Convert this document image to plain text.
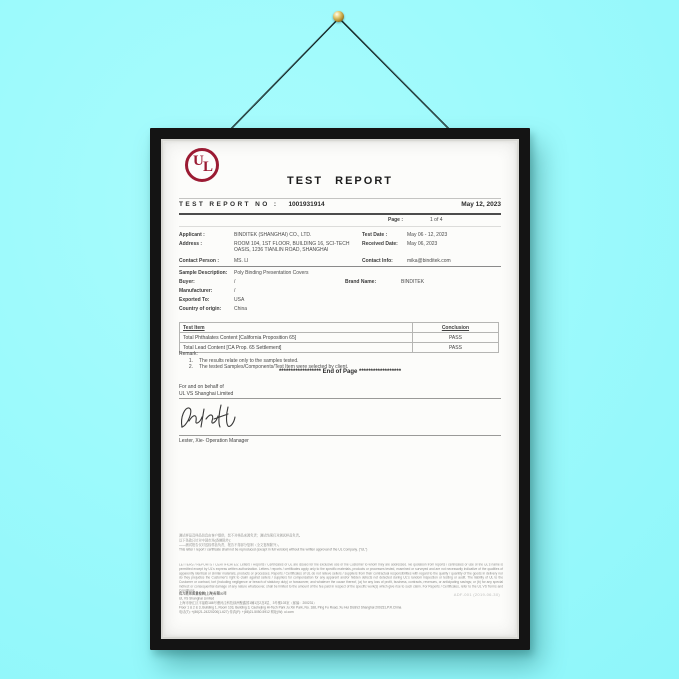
U L
TEST REPORT
TEST REPORT NO : 1001931914	May 12, 2023
Page :	1 of 4
Applicant :	BINDITEK (SHANGHAI) CO., LTD.	Test Date :	May 06 - 12, 2023
Address :	ROOM 104, 1ST FLOOR, BUILDING 16, SCI-TECH OASIS, 1236 TIANLIN ROAD, SHANGHAI
Received Date: May 06, 2023
Contact Person :	MS. LI	Contact Info:	mika@binditek.com
Sample Description: Poly Binding Presentation Covers
Buyer:	/	Brand Name:	BINDITEK
Manufacturer:	/
Exported To:	USA
Country of origin:	China
Test Item	Conclusion
Total Phthalates Content [California Proposition 65]	PASS
Total Lead Content [CA Prop. 65 Settlement]	PASS
Remark:
1. The results relate only to the samples tested.
2. The tested Samples/Components/Test Item were selected by client.
****************** End of Page ******************
For and on behalf of
UL VS Shanghai Limited
Lester, Xie- Operation Manager
测试样品及样品信息由客户提供，恕不对样品来源负责；测试结果仅对测试样品负责。
以下条款只针对中国市场(香港除外)：
——测试报告仅对送检样品负责，报告不得部分复制（全文复制除外）。
This letter / report / certificate shall not be reproduced (except in full version) without the written approval of the UL Company. ("UL")
LETTERS / REPORTS / CERTIFICATES: Letters / Reports / Certificates of UL are issued for the exclusive use of the Customer to whom they are addressed. No quotation from reports / certificates or use of the UL's name is permitted except by UL's express written authorization. Letters / reports / certificates apply only to the specific materials, products or processes tested, examined or surveyed and are not necessarily indicative of the qualities of apparently identical or similar materials, products or processes. Reports / Certificates of UL do not relieve sellers / suppliers from their contractual responsibilities with regard to the quality / quantity of the goods in delivery nor do they prejudice the Customer's right to claim against sellers / suppliers for compensation for any apparent and/or hidden defects not detected during UL's random inspection or testing or audit. The liability of UL to the Customer or contract, tort (including negligence or breach of statutory duty) or howsoever, and whatever the cause thereof, (a) for any loss of profit, business, contracts, revenues, or anticipating savings; or (b) for any special indirect or consequential damage of any nature whatsoever, shall be limited to the amount of the fee paid in respect of the specific work(s) which give rise to such claim. For Reports / Certificates, refer to the UL VS Terms and Conditions.
优力胜邦质量检测(上海)有限公司
UL VS Shanghai Limited
上海市徐汇区平福路188号漕河泾科技绿洲聚鑫园1幢1及2及3层、3号楼103室（邮编：200231）
Floor 1 & 2 & 3, Building 1, Room 103, Building 3, Caohejing Hi-Tech Park Ju Xin Park, No. 188, Ping Fu Road, Xu Hui District Shanghai 200231,P.R.China
电话(T): +(86)21-24220200(1-627) 传真(F): +(86)21-5050-5912 网址(W): ul.com
ADF-001 (2019-06-30)
